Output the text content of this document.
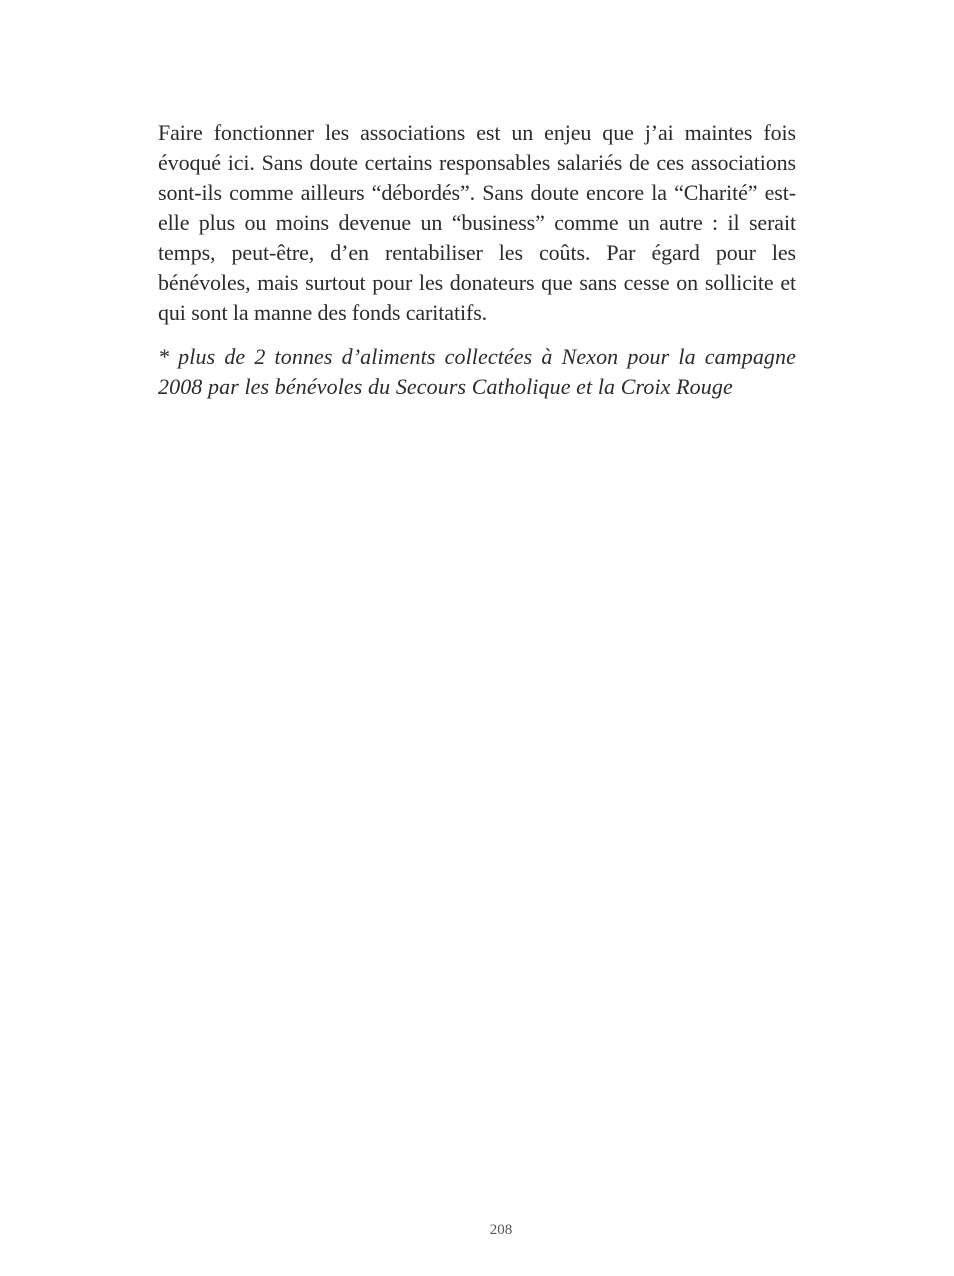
Faire fonctionner les associations est un enjeu que j’ai maintes fois évoqué ici. Sans doute certains responsables salariés de ces associations sont-ils comme ailleurs “débordés”. Sans doute encore la “Charité” est-elle plus ou moins devenue un “business” comme un autre : il serait temps, peut-être, d’en rentabiliser les coûts. Par égard pour les bénévoles, mais surtout pour les donateurs que sans cesse on sollicite et qui sont la manne des fonds caritatifs.

* plus de 2 tonnes d’aliments collectées à Nexon pour la campagne 2008 par les bénévoles du Secours Catholique et la Croix Rouge

208
